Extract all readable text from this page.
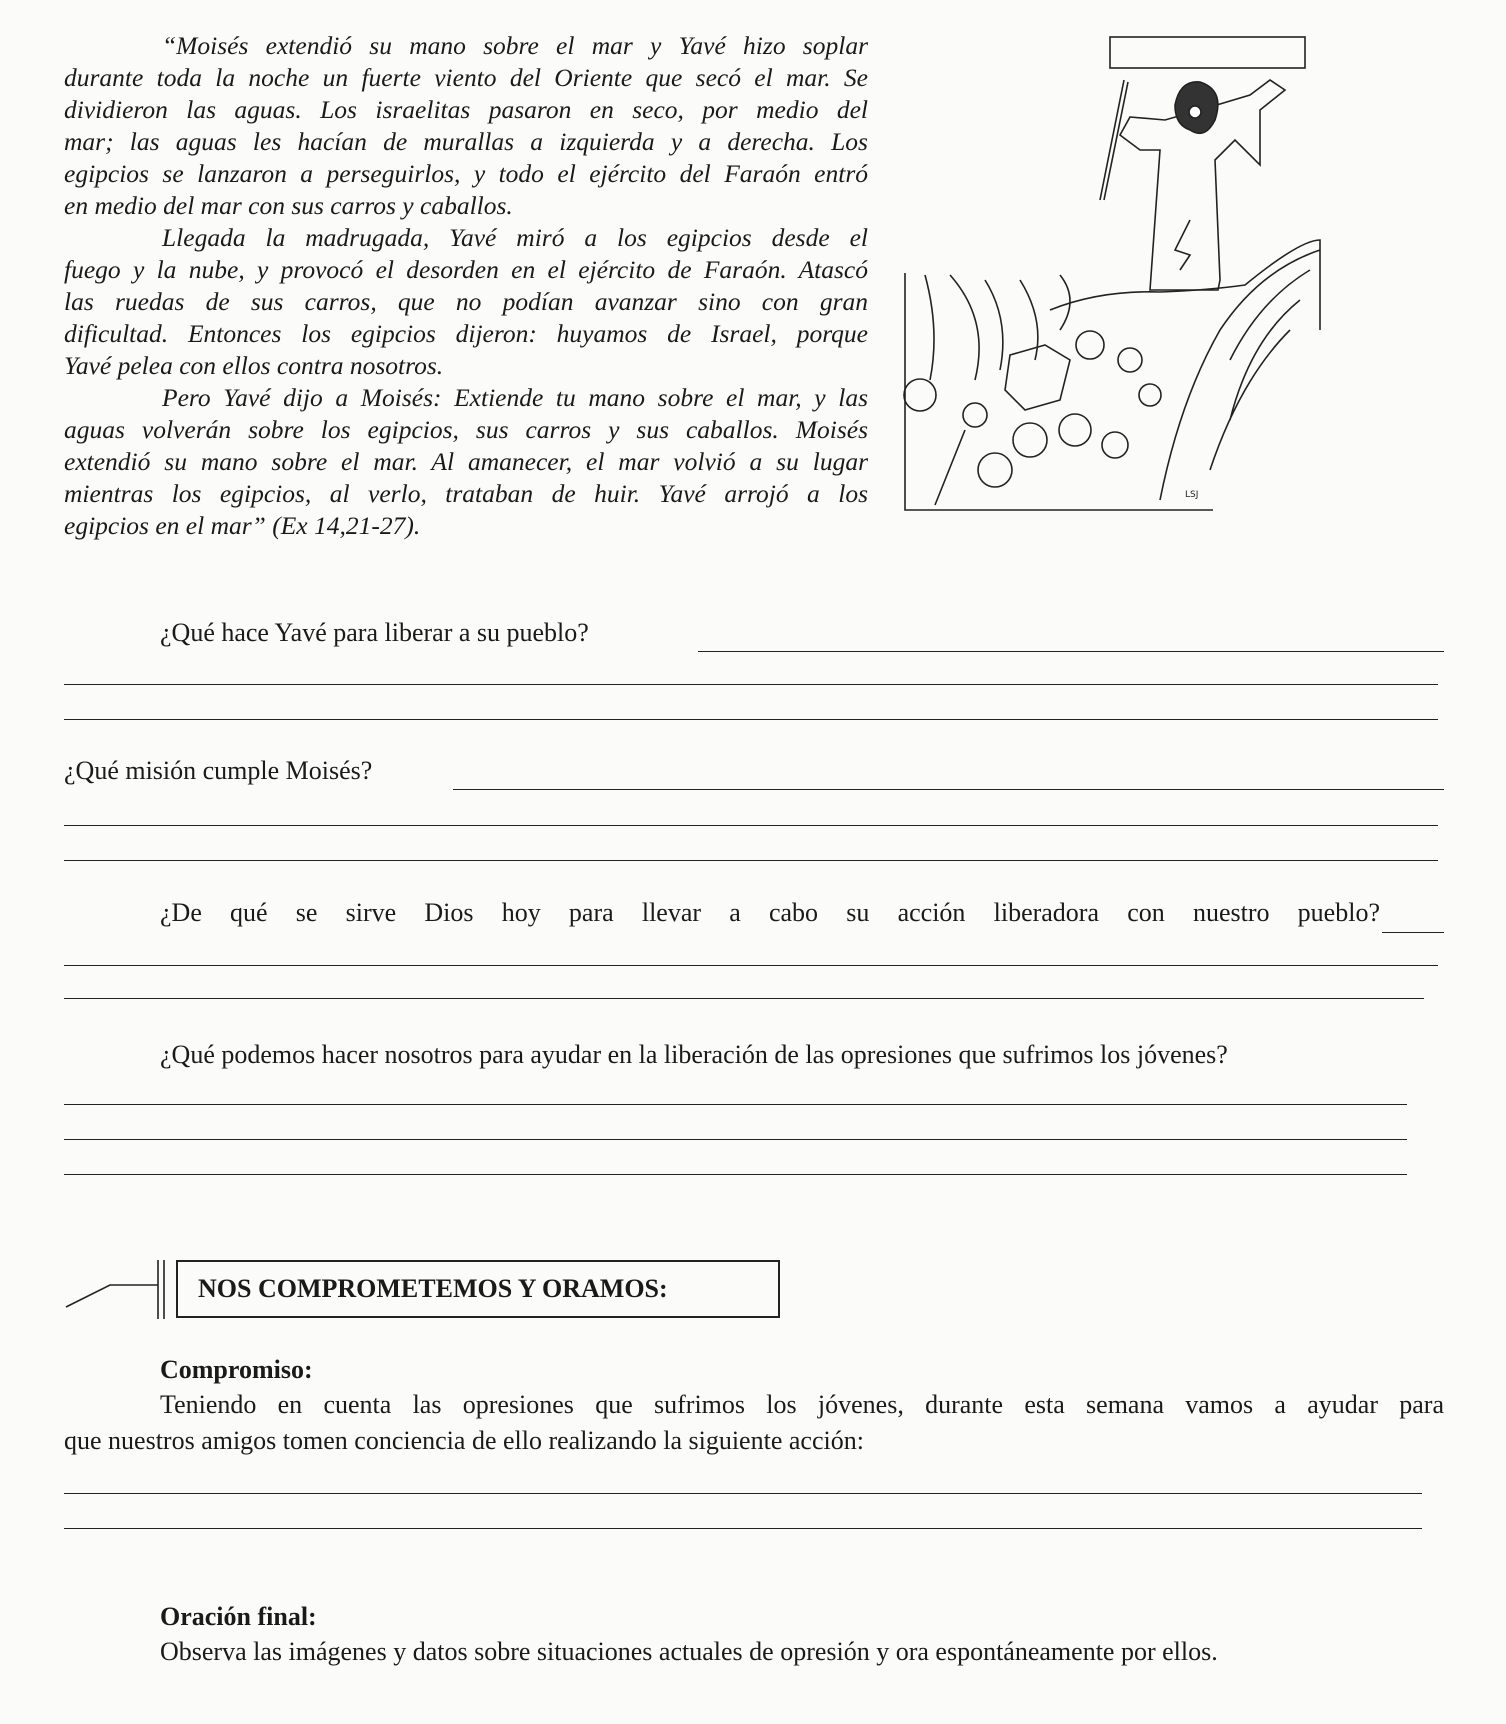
“Moisés extendió su mano sobre el mar y Yavé hizo soplar
durante toda la noche un fuerte viento del Oriente que secó el mar. Se
dividieron las aguas. Los israelitas pasaron en seco, por medio del
mar; las aguas les hacían de murallas a izquierda y a derecha. Los
egipcios se lanzaron a perseguirlos, y todo el ejército del Faraón entró
en medio del mar con sus carros y caballos.
Llegada la madrugada, Yavé miró a los egipcios desde el
fuego y la nube, y provocó el desorden en el ejército de Faraón. Atascó
las ruedas de sus carros, que no podían avanzar sino con gran
dificultad. Entonces los egipcios dijeron: huyamos de Israel, porque
Yavé pelea con ellos contra nosotros.
Pero Yavé dijo a Moisés: Extiende tu mano sobre el mar, y las
aguas volverán sobre los egipcios, sus carros y sus caballos. Moisés
extendió su mano sobre el mar. Al amanecer, el mar volvió a su lugar
mientras los egipcios, al verlo, trataban de huir. Yavé arrojó a los
egipcios en el mar” (Ex 14,21-27).
LSJ
¿Qué hace Yavé para liberar a su pueblo?
¿Qué misión cumple Moisés?
¿De qué se sirve Dios hoy para llevar a cabo su acción liberadora con nuestro pueblo?
¿Qué podemos hacer nosotros para ayudar en la liberación de las opresiones que sufrimos los jóvenes?
NOS COMPROMETEMOS Y ORAMOS:
Compromiso:
Teniendo en cuenta las opresiones que sufrimos los jóvenes, durante esta semana vamos a ayudar para
que nuestros amigos tomen conciencia de ello realizando la siguiente acción:
Oración final:
Observa las imágenes y datos sobre situaciones actuales de opresión y ora espontáneamente por ellos.
